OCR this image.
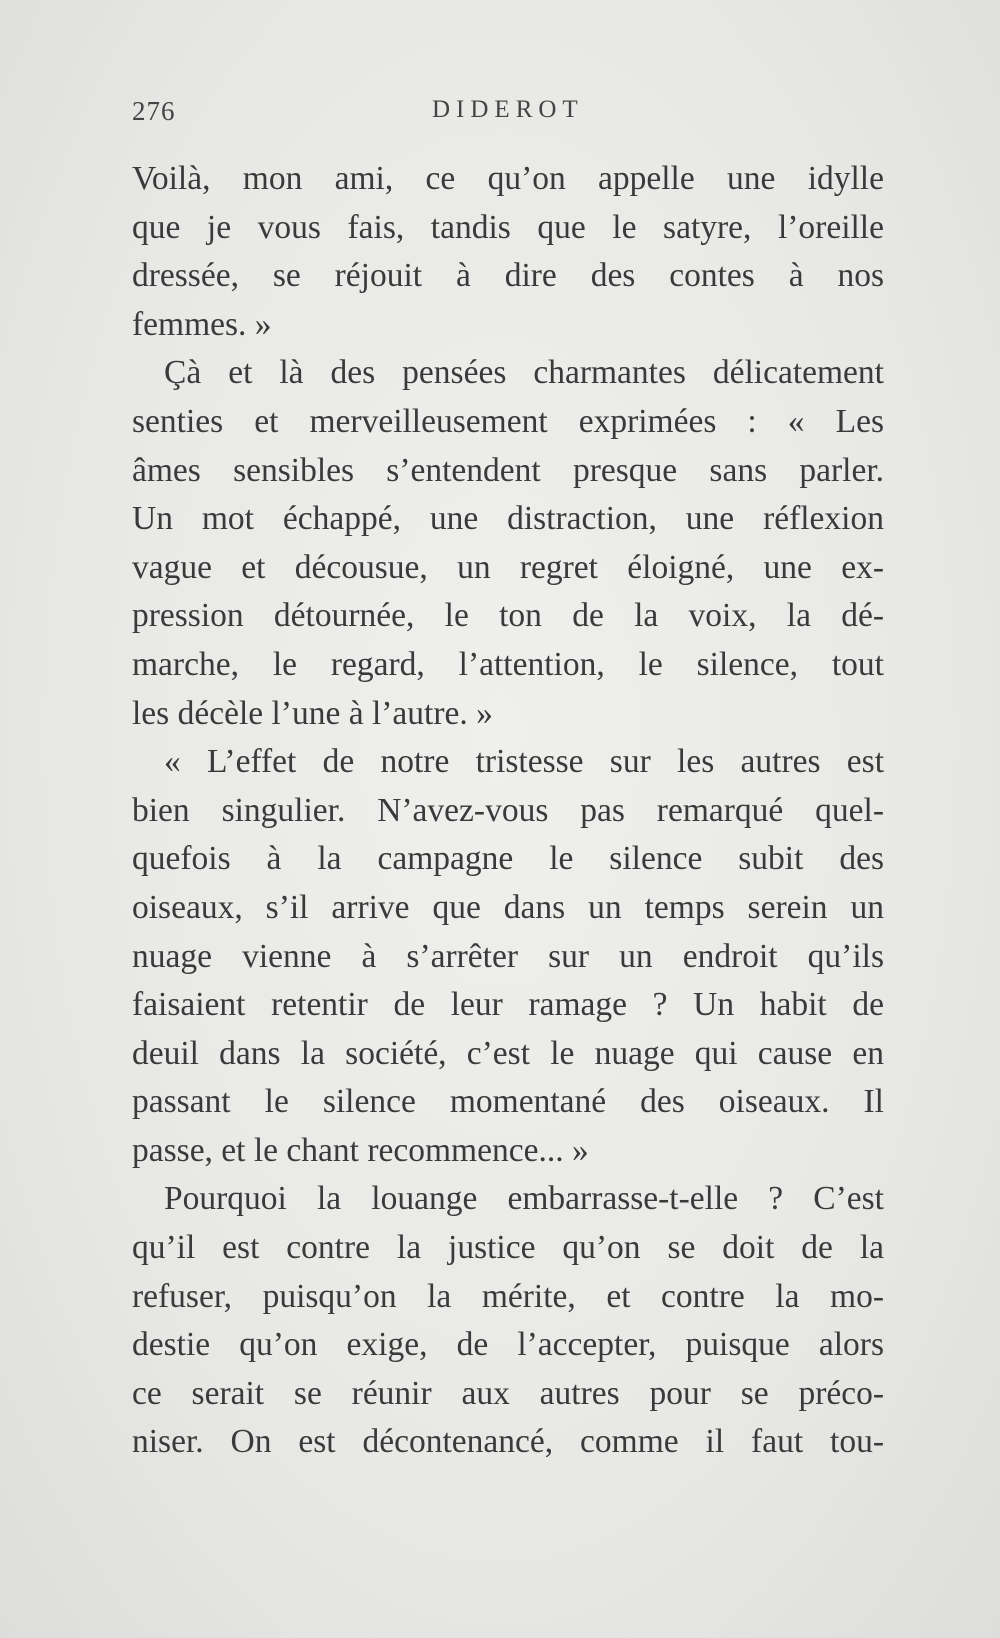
276	DIDEROT
Voilà, mon ami, ce qu’on appelle une idylle
que je vous fais, tandis que le satyre, l’oreille
dressée, se réjouit à dire des contes à nos
femmes. »
Çà et là des pensées charmantes délicatement
senties et merveilleusement exprimées : « Les
âmes sensibles s’entendent presque sans parler.
Un mot échappé, une distraction, une réflexion
vague et décousue, un regret éloigné, une ex-
pression détournée, le ton de la voix, la dé-
marche, le regard, l’attention, le silence, tout
les décèle l’une à l’autre. »
« L’effet de notre tristesse sur les autres est
bien singulier. N’avez-vous pas remarqué quel-
quefois à la campagne le silence subit des
oiseaux, s’il arrive que dans un temps serein un
nuage vienne à s’arrêter sur un endroit qu’ils
faisaient retentir de leur ramage ? Un habit de
deuil dans la société, c’est le nuage qui cause en
passant le silence momentané des oiseaux. Il
passe, et le chant recommence... »
Pourquoi la louange embarrasse-t-elle ? C’est
qu’il est contre la justice qu’on se doit de la
refuser, puisqu’on la mérite, et contre la mo-
destie qu’on exige, de l’accepter, puisque alors
ce serait se réunir aux autres pour se préco-
niser. On est décontenancé, comme il faut tou-
